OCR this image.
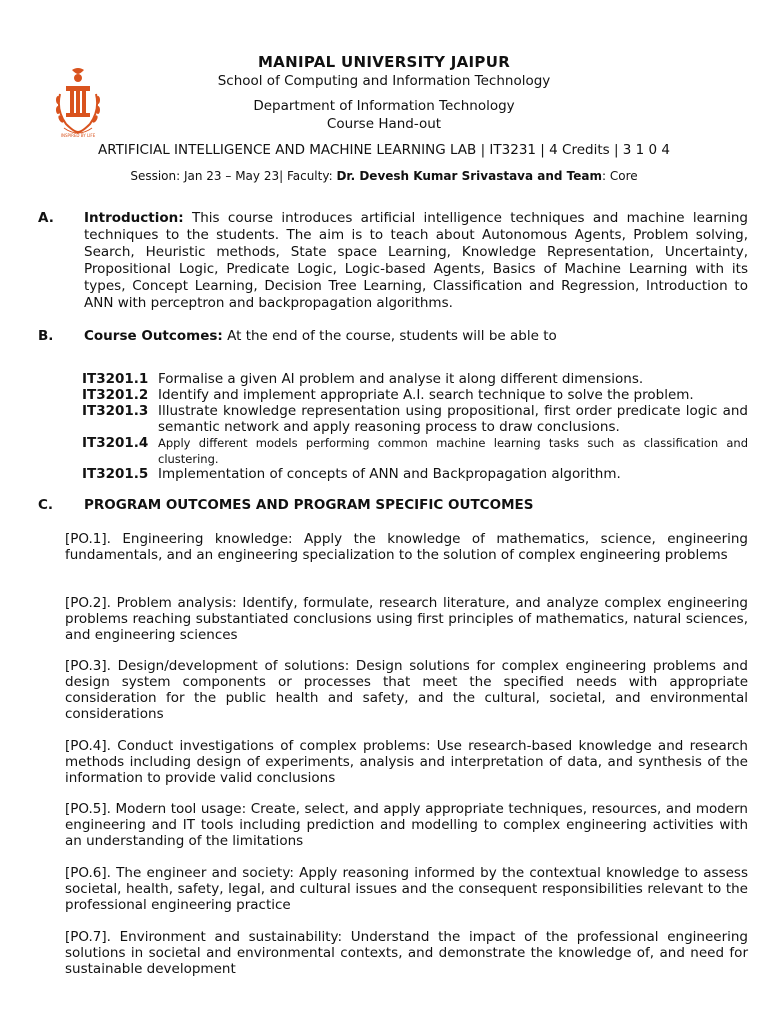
INSPIRED BY LIFE
MANIPAL UNIVERSITY JAIPUR
School of Computing and Information Technology
Department of Information Technology
Course Hand-out
ARTIFICIAL INTELLIGENCE AND MACHINE LEARNING LAB | IT3231 | 4 Credits | 3 1 0 4
Session: Jan 23 – May 23| Faculty: Dr. Devesh Kumar Srivastava and Team: Core
A. Introduction: This course introduces artificial intelligence techniques and machine learning techniques to the students. The aim is to teach about Autonomous Agents, Problem solving, Search, Heuristic methods, State space Learning, Knowledge Representation, Uncertainty, Propositional Logic, Predicate Logic, Logic-based Agents, Basics of Machine Learning with its types, Concept Learning, Decision Tree Learning, Classification and Regression, Introduction to ANN with perceptron and backpropagation algorithms.
B. Course Outcomes: At the end of the course, students will be able to
IT3201.1 Formalise a given AI problem and analyse it along different dimensions.
IT3201.2 Identify and implement appropriate A.I. search technique to solve the problem.
IT3201.3 Illustrate knowledge representation using propositional, first order predicate logic and semantic network and apply reasoning process to draw conclusions.
IT3201.4 Apply different models performing common machine learning tasks such as classification and clustering.
IT3201.5 Implementation of concepts of ANN and Backpropagation algorithm.
C. PROGRAM OUTCOMES AND PROGRAM SPECIFIC OUTCOMES
[PO.1]. Engineering knowledge: Apply the knowledge of mathematics, science, engineering fundamentals, and an engineering specialization to the solution of complex engineering problems
[PO.2]. Problem analysis: Identify, formulate, research literature, and analyze complex engineering problems reaching substantiated conclusions using first principles of mathematics, natural sciences, and engineering sciences
[PO.3]. Design/development of solutions: Design solutions for complex engineering problems and design system components or processes that meet the specified needs with appropriate consideration for the public health and safety, and the cultural, societal, and environmental considerations
[PO.4]. Conduct investigations of complex problems: Use research-based knowledge and research methods including design of experiments, analysis and interpretation of data, and synthesis of the information to provide valid conclusions
[PO.5]. Modern tool usage: Create, select, and apply appropriate techniques, resources, and modern engineering and IT tools including prediction and modelling to complex engineering activities with an understanding of the limitations
[PO.6]. The engineer and society: Apply reasoning informed by the contextual knowledge to assess societal, health, safety, legal, and cultural issues and the consequent responsibilities relevant to the professional engineering practice
[PO.7]. Environment and sustainability: Understand the impact of the professional engineering solutions in societal and environmental contexts, and demonstrate the knowledge of, and need for sustainable development
